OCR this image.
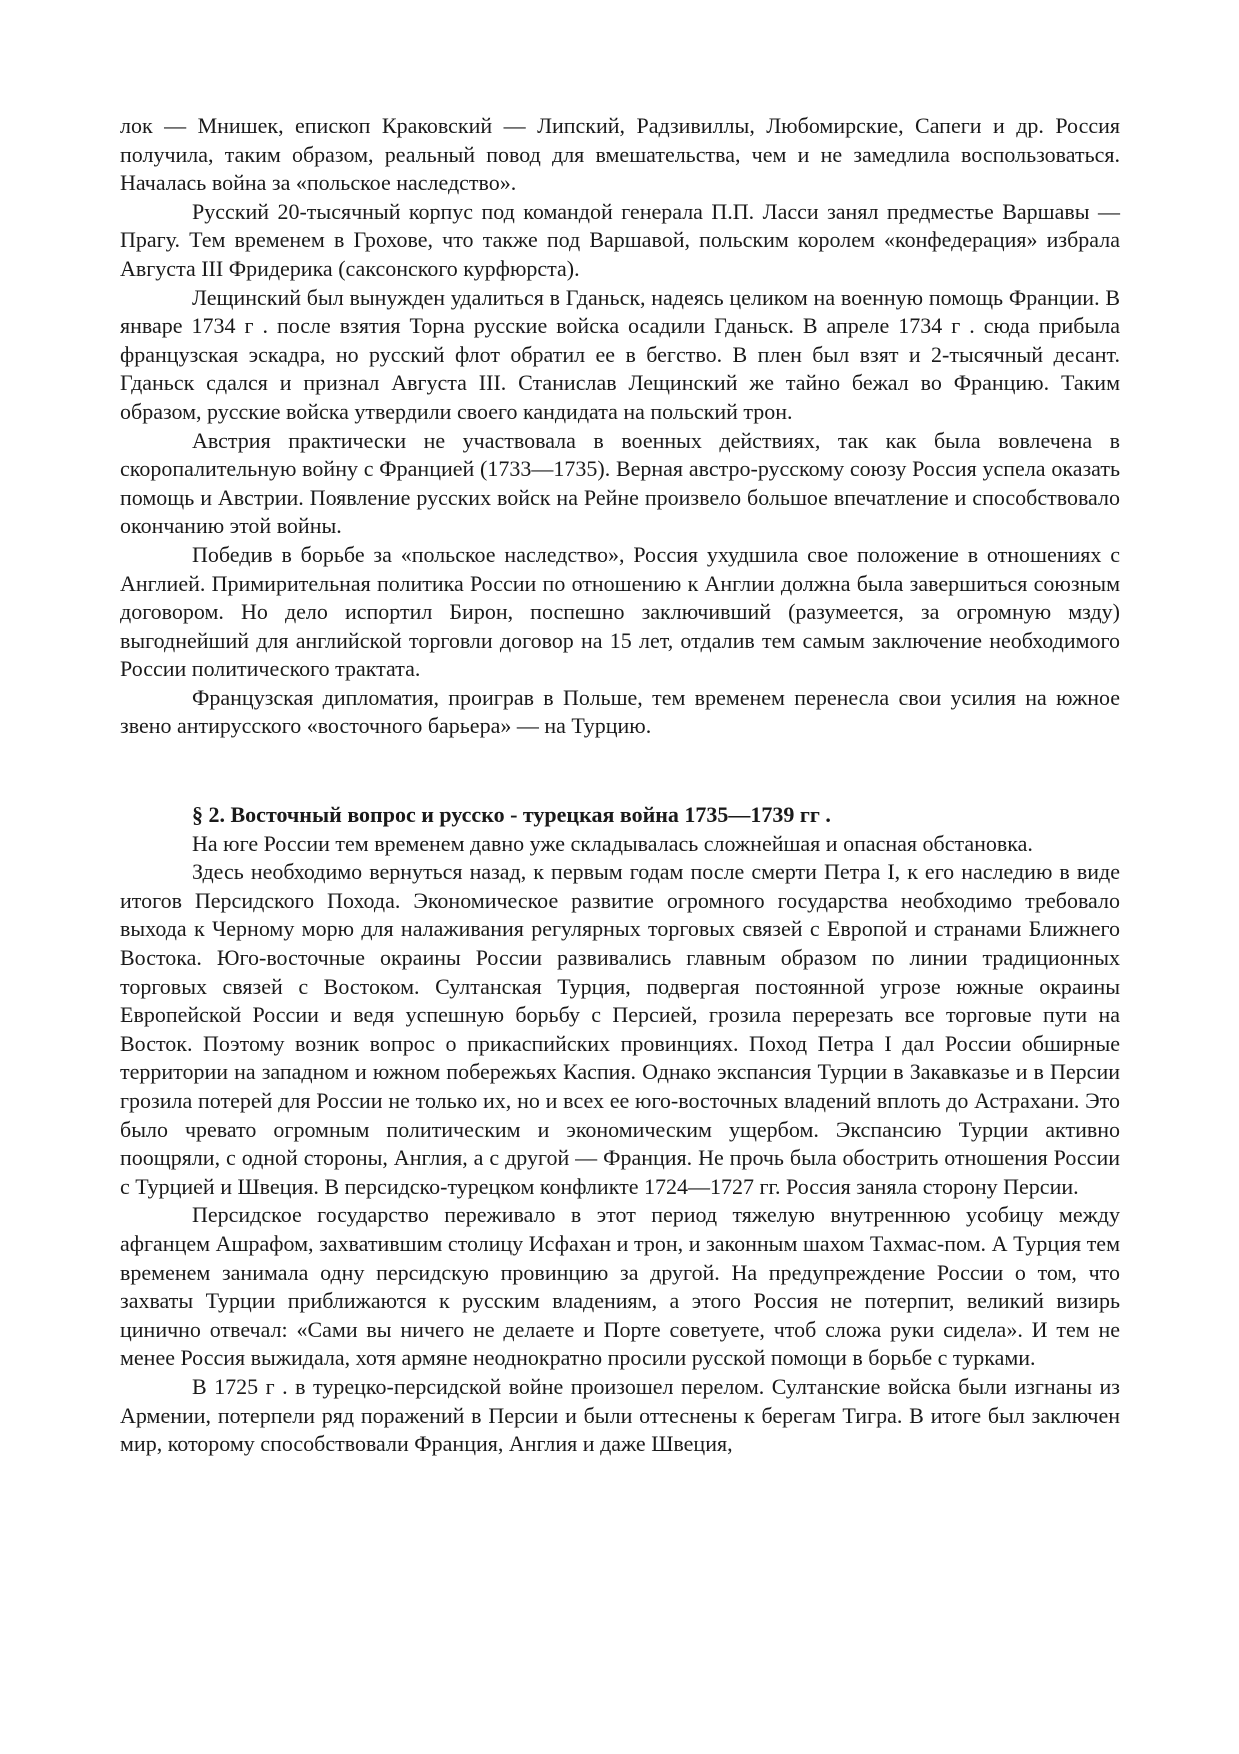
лок — Мнишек, епископ Краковский — Липский, Радзивиллы, Любомирские, Сапеги и др. Россия получила, таким образом, реальный повод для вмешательства, чем и не замедлила воспользоваться. Началась война за «польское наследство».

Русский 20-тысячный корпус под командой генерала П.П. Ласси занял предместье Варшавы — Прагу. Тем временем в Грохове, что также под Варшавой, польским королем «конфедерация» избрала Августа III Фридерика (саксонского курфюрста).

Лещинский был вынужден удалиться в Гданьск, надеясь целиком на военную помощь Франции. В январе 1734 г . после взятия Торна русские войска осадили Гданьск. В апреле 1734 г . сюда прибыла французская эскадра, но русский флот обратил ее в бегство. В плен был взят и 2-тысячный десант. Гданьск сдался и признал Августа III. Станислав Лещинский же тайно бежал во Францию. Таким образом, русские войска утвердили своего кандидата на польский трон.

Австрия практически не участвовала в военных действиях, так как была вовлечена в скоропалительную войну с Францией (1733—1735). Верная австро-русскому союзу Россия успела оказать помощь и Австрии. Появление русских войск на Рейне произвело большое впечатление и способствовало окончанию этой войны.

Победив в борьбе за «польское наследство», Россия ухудшила свое положение в отношениях с Англией. Примирительная политика России по отношению к Англии должна была завершиться союзным договором. Но дело испортил Бирон, поспешно заключивший (разумеется, за огромную мзду) выгоднейший для английской торговли договор на 15 лет, отдалив тем самым заключение необходимого России политического трактата.

Французская дипломатия, проиграв в Польше, тем временем перенесла свои усилия на южное звено антирусского «восточного барьера» — на Турцию.

§ 2. Восточный вопрос и русско - турецкая война 1735—1739 гг .

На юге России тем временем давно уже складывалась сложнейшая и опасная обстановка.

Здесь необходимо вернуться назад, к первым годам после смерти Петра I, к его наследию в виде итогов Персидского Похода. Экономическое развитие огромного государства необходимо требовало выхода к Черному морю для налаживания регулярных торговых связей с Европой и странами Ближнего Востока. Юго-восточные окраины России развивались главным образом по линии традиционных торговых связей с Востоком. Султанская Турция, подвергая постоянной угрозе южные окраины Европейской России и ведя успешную борьбу с Персией, грозила перерезать все торговые пути на Восток. Поэтому возник вопрос о прикаспийских провинциях. Поход Петра I дал России обширные территории на западном и южном побережьях Каспия. Однако экспансия Турции в Закавказье и в Персии грозила потерей для России не только их, но и всех ее юго-восточных владений вплоть до Астрахани. Это было чревато огромным политическим и экономическим ущербом. Экспансию Турции активно поощряли, с одной стороны, Англия, а с другой — Франция. Не прочь была обострить отношения России с Турцией и Швеция. В персидско-турецком конфликте 1724—1727 гг. Россия заняла сторону Персии.

Персидское государство переживало в этот период тяжелую внутреннюю усобицу между афганцем Ашрафом, захватившим столицу Исфахан и трон, и законным шахом Тахмас-пом. А Турция тем временем занимала одну персидскую провинцию за другой. На предупреждение России о том, что захваты Турции приближаются к русским владениям, а этого Россия не потерпит, великий визирь цинично отвечал: «Сами вы ничего не делаете и Порте советуете, чтоб сложа руки сидела». И тем не менее Россия выжидала, хотя армяне неоднократно просили русской помощи в борьбе с турками.

В 1725 г . в турецко-персидской войне произошел перелом. Султанские войска были изгнаны из Армении, потерпели ряд поражений в Персии и были оттеснены к берегам Тигра. В итоге был заключен мир, которому способствовали Франция, Англия и даже Швеция,
